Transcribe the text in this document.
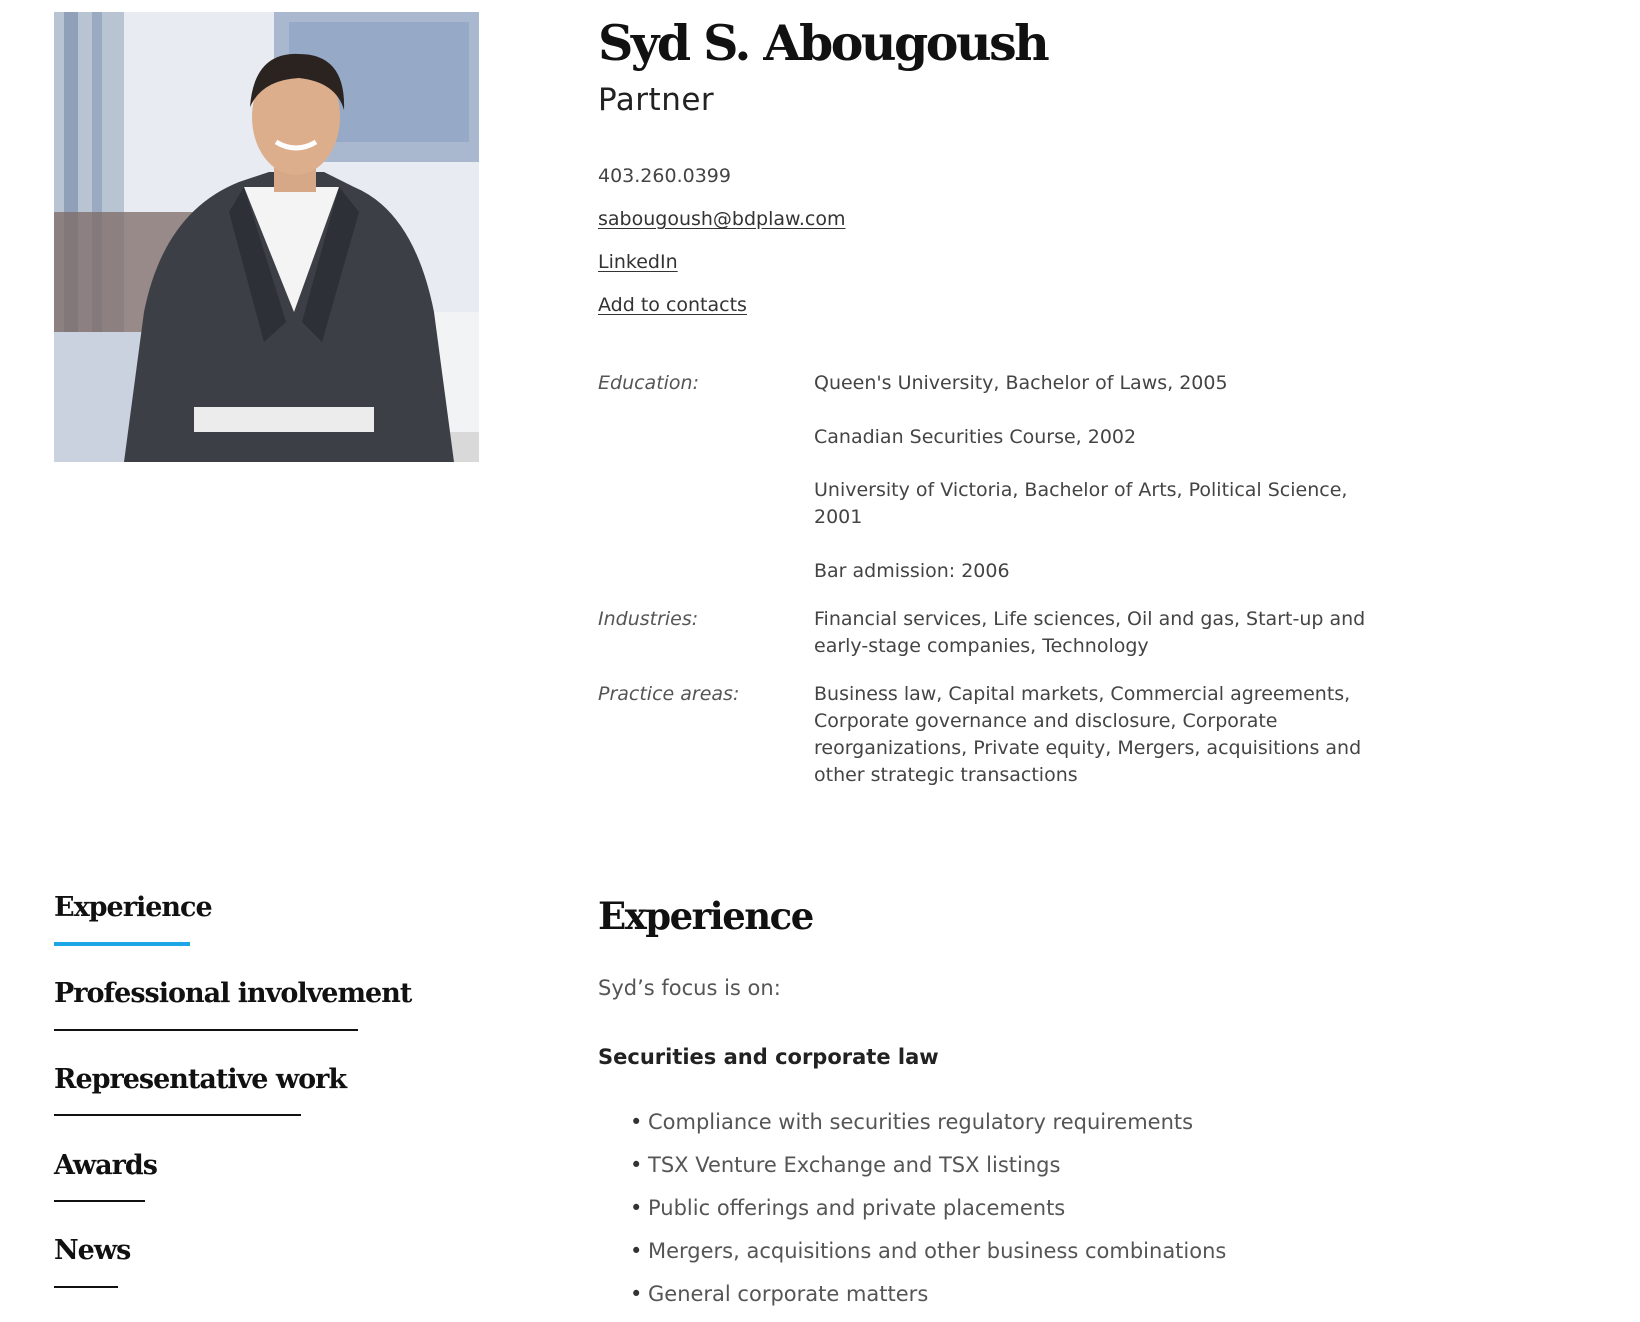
Syd S. Abougoush
Partner
403.260.0399
sabougoush@bdplaw.com
LinkedIn
Add to contacts
Education:	Queen's University, Bachelor of Laws, 2005
Canadian Securities Course, 2002
University of Victoria, Bachelor of Arts, Political Science, 2001
Bar admission: 2006
Industries:	Financial services, Life sciences, Oil and gas, Start-up and early-stage companies, Technology
Practice areas:	Business law, Capital markets, Commercial agreements, Corporate governance and disclosure, Corporate reorganizations, Private equity, Mergers, acquisitions and other strategic transactions
Experience
Professional involvement
Representative work
Awards
News
Experience
Syd’s focus is on:
Securities and corporate law
• Compliance with securities regulatory requirements
• TSX Venture Exchange and TSX listings
• Public offerings and private placements
• Mergers, acquisitions and other business combinations
• General corporate matters
